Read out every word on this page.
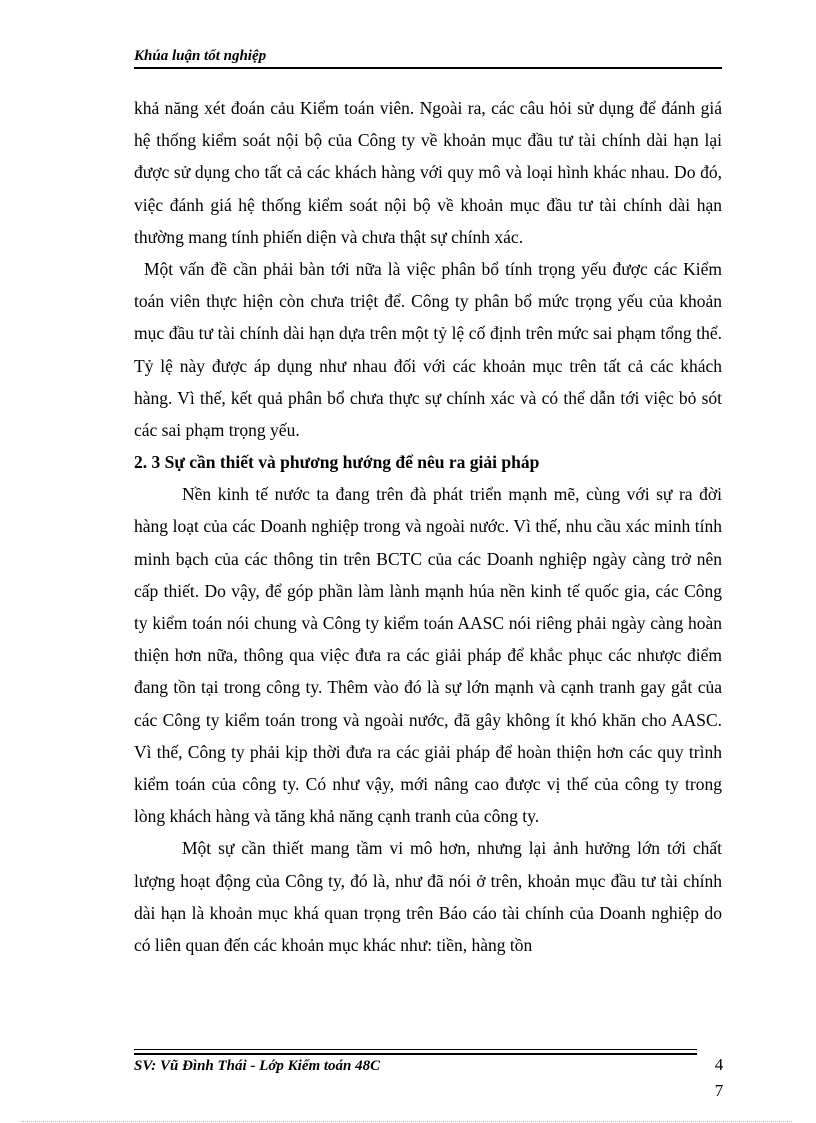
Khúa luận tốt nghiệp

khả năng xét đoán cảu Kiểm toán viên. Ngoài ra, các câu hỏi sử dụng để đánh giá hệ thống kiểm soát nội bộ của Công ty về khoản mục đầu tư tài chính dài hạn lại được sử dụng cho tất cả các khách hàng với quy mô và loại hình khác nhau. Do đó, việc đánh giá hệ thống kiểm soát nội bộ về khoản mục đầu tư tài chính dài hạn thường mang tính phiến diện và chưa thật sự chính xác.

Một vấn đề cần phải bàn tới nữa là việc phân bổ tính trọng yếu được các Kiểm toán viên thực hiện còn chưa triệt để. Công ty phân bổ mức trọng yếu của khoản mục đầu tư tài chính dài hạn dựa trên một tỷ lệ cố định trên mức sai phạm tổng thể. Tỷ lệ này được áp dụng như nhau đối với các khoản mục trên tất cả các khách hàng. Vì thế, kết quả phân bổ chưa thực sự chính xác và có thể dẫn tới việc bỏ sót các sai phạm trọng yếu.

2. 3 Sự cần thiết và phương hướng để nêu ra giải pháp

Nền kinh tế nước ta đang trên đà phát triển mạnh mẽ, cùng với sự ra đời hàng loạt của các Doanh nghiệp trong và ngoài nước. Vì thế, nhu cầu xác minh tính minh bạch của các thông tin trên BCTC của các Doanh nghiệp ngày càng trở nên cấp thiết. Do vậy, để góp phần làm lành mạnh húa nền kinh tế quốc gia, các Công ty kiểm toán nói chung và Công ty kiểm toán AASC nói riêng phải ngày càng hoàn thiện hơn nữa, thông qua việc đưa ra các giải pháp để khắc phục các nhược điểm đang tồn tại trong công ty. Thêm vào đó là sự lớn mạnh và cạnh tranh gay gắt của các Công ty kiểm toán trong và ngoài nước, đã gây không ít khó khăn cho AASC. Vì thế, Công ty phải kịp thời đưa ra các giải pháp để hoàn thiện hơn các quy trình kiểm toán của công ty. Có như vậy, mới nâng cao được vị thế của công ty trong lòng khách hàng và tăng khả năng cạnh tranh của công ty.

Một sự cần thiết mang tầm vi mô hơn, nhưng lại ảnh hưởng lớn tới chất lượng hoạt động của Công ty, đó là, như đã nói ở trên, khoản mục đầu tư tài chính dài hạn là khoản mục khá quan trọng trên Báo cáo tài chính của Doanh nghiệp do có liên quan đến các khoản mục khác như: tiền, hàng tồn

SV: Vũ Đình Thái - Lớp Kiểm toán 48C	4
7
